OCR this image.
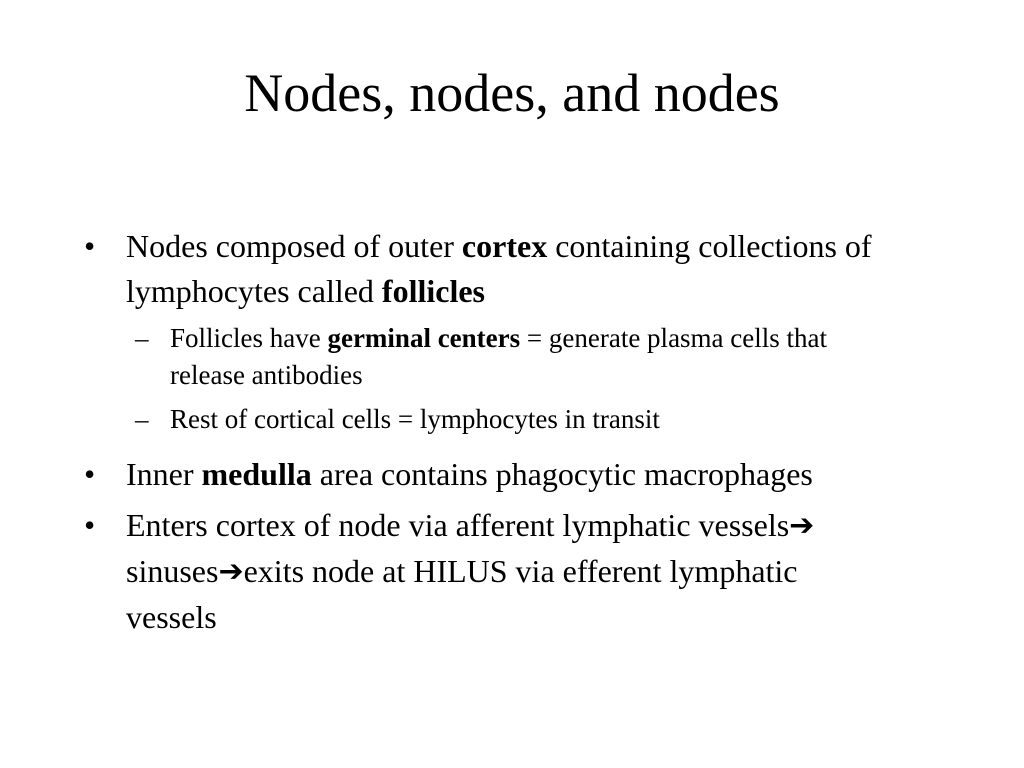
Nodes, nodes, and nodes
• Nodes composed of outer cortex containing collections of lymphocytes called follicles
– Follicles have germinal centers = generate plasma cells that release antibodies
– Rest of cortical cells = lymphocytes in transit
• Inner medulla area contains phagocytic macrophages
• Enters cortex of node via afferent lymphatic vessels➔sinuses➔exits node at HILUS via efferent lymphatic vessels
